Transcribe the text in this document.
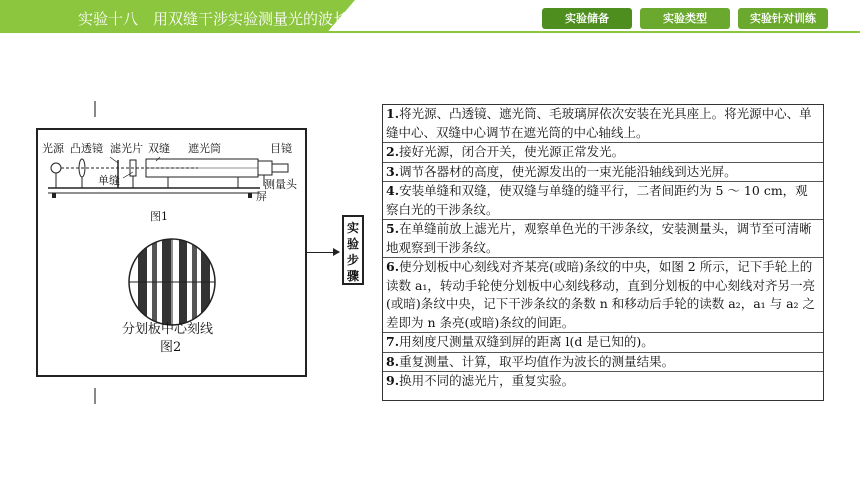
实验十八　用双缝干涉实验测量光的波长	实验储备	实验类型	实验针对训练
光源 凸透镜 滤光片 双缝 遮光筒	目镜
单缝	测量头
屏
图1
分划板中心刻线
图2
实验步骤
1.将光源、凸透镜、遮光筒、毛玻璃屏依次安装在光具座上。将光源中心、单缝中心、双缝中心调节在遮光筒的中心轴线上。
2.接好光源，闭合开关，使光源正常发光。
3.调节各器材的高度，使光源发出的一束光能沿轴线到达光屏。
4.安装单缝和双缝，使双缝与单缝的缝平行，二者间距约为 5 ～ 10 cm，观察白光的干涉条纹。
5.在单缝前放上滤光片，观察单色光的干涉条纹，安装测量头，调节至可清晰地观察到干涉条纹。
6.使分划板中心刻线对齐某亮(或暗)条纹的中央，如图 2 所示，记下手轮上的读数 a₁，转动手轮使分划板中心刻线移动，直到分划板的中心刻线对齐另一亮(或暗)条纹中央，记下干涉条纹的条数 n 和移动后手轮的读数 a₂，a₁ 与 a₂ 之差即为 n 条亮(或暗)条纹的间距。
7.用刻度尺测量双缝到屏的距离 l(d 是已知的)。
8.重复测量、计算，取平均值作为波长的测量结果。
9.换用不同的滤光片，重复实验。
